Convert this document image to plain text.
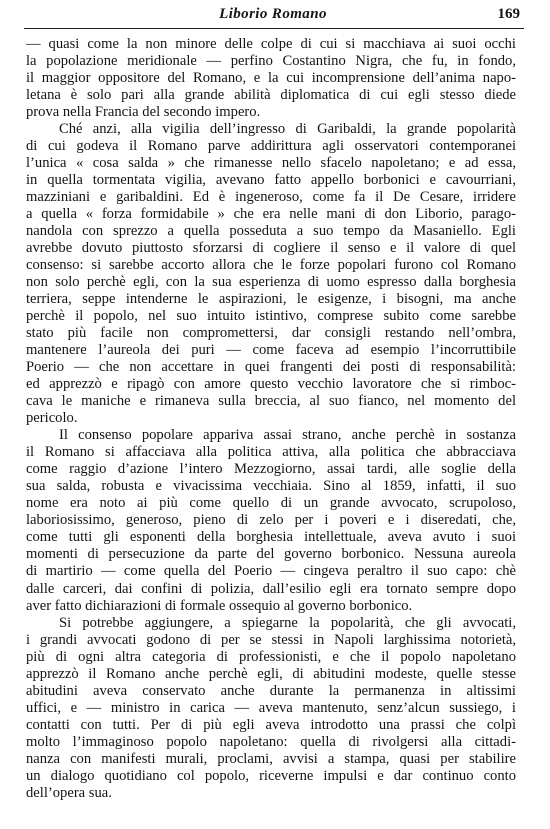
Liborio Romano	169
— quasi come la non minore delle colpe di cui si macchiava ai suoi occhi
la popolazione meridionale — perfino Costantino Nigra, che fu, in fondo,
il maggior oppositore del Romano, e la cui incomprensione dell’anima napo-
letana è solo pari alla grande abilità diplomatica di cui egli stesso diede
prova nella Francia del secondo impero.
Ché anzi, alla vigilia dell’ingresso di Garibaldi, la grande popolarità
di cui godeva il Romano parve addirittura agli osservatori contemporanei
l’unica « cosa salda » che rimanesse nello sfacelo napoletano; e ad essa,
in quella tormentata vigilia, avevano fatto appello borbonici e cavourriani,
mazziniani e garibaldini. Ed è ingeneroso, come fa il De Cesare, irridere
a quella « forza formidabile » che era nelle mani di don Liborio, parago-
nandola con sprezzo a quella posseduta a suo tempo da Masaniello. Egli
avrebbe dovuto piuttosto sforzarsi di cogliere il senso e il valore di quel
consenso: si sarebbe accorto allora che le forze popolari furono col Romano
non solo perchè egli, con la sua esperienza di uomo espresso dalla borghesia
terriera, seppe intenderne le aspirazioni, le esigenze, i bisogni, ma anche
perchè il popolo, nel suo intuito istintivo, comprese subito come sarebbe
stato più facile non compromettersi, dar consigli restando nell’ombra,
mantenere l’aureola dei puri — come faceva ad esempio l’incorruttibile
Poerio — che non accettare in quei frangenti dei posti di responsabilità:
ed apprezzò e ripagò con amore questo vecchio lavoratore che si rimboc-
cava le maniche e rimaneva sulla breccia, al suo fianco, nel momento del
pericolo.
Il consenso popolare appariva assai strano, anche perchè in sostanza
il Romano si affacciava alla politica attiva, alla politica che abbracciava
come raggio d’azione l’intero Mezzogiorno, assai tardi, alle soglie della
sua salda, robusta e vivacissima vecchiaia. Sino al 1859, infatti, il suo
nome era noto ai più come quello di un grande avvocato, scrupoloso,
laboriosissimo, generoso, pieno di zelo per i poveri e i diseredati, che,
come tutti gli esponenti della borghesia intellettuale, aveva avuto i suoi
momenti di persecuzione da parte del governo borbonico. Nessuna aureola
di martirio — come quella del Poerio — cingeva peraltro il suo capo: chè
dalle carceri, dai confini di polizia, dall’esilio egli era tornato sempre dopo
aver fatto dichiarazioni di formale ossequio al governo borbonico.
Si potrebbe aggiungere, a spiegarne la popolarità, che gli avvocati,
i grandi avvocati godono di per se stessi in Napoli larghissima notorietà,
più di ogni altra categoria di professionisti, e che il popolo napoletano
apprezzò il Romano anche perchè egli, di abitudini modeste, quelle stesse
abitudini aveva conservato anche durante la permanenza in altissimi
uffici, e — ministro in carica — aveva mantenuto, senz’alcun sussiego, i
contatti con tutti. Per di più egli aveva introdotto una prassi che colpì
molto l’immaginoso popolo napoletano: quella di rivolgersi alla cittadi-
nanza con manifesti murali, proclami, avvisi a stampa, quasi per stabilire
un dialogo quotidiano col popolo, riceverne impulsi e dar continuo conto
dell’opera sua.
